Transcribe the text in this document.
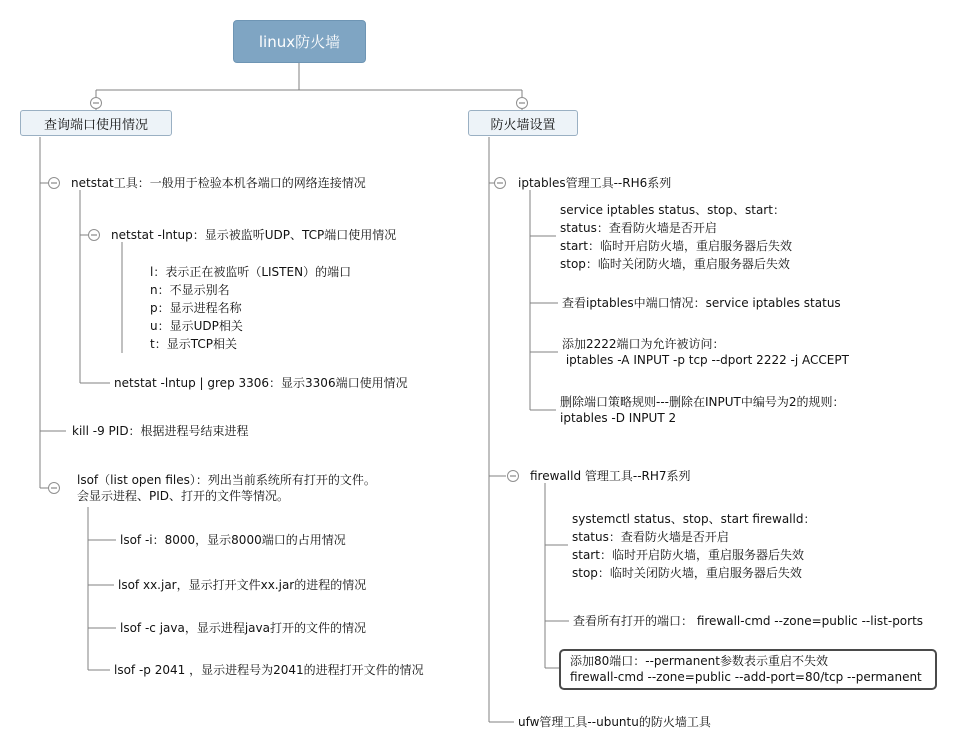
linux防火墙
查询端口使用情况	防火墙设置
netstat工具：一般用于检验本机各端口的网络连接情况
netstat -lntup：显示被监听UDP、TCP端口使用情况
l：表示正在被监听（LISTEN）的端口
n：不显示别名
p：显示进程名称
u：显示UDP相关
t：显示TCP相关
netstat -lntup | grep 3306：显示3306端口使用情况
kill -9 PID：根据进程号结束进程
lsof（list open files）：列出当前系统所有打开的文件。
会显示进程、PID、打开的文件等情况。
lsof -i：8000，显示8000端口的占用情况
lsof xx.jar，显示打开文件xx.jar的进程的情况
lsof -c java，显示进程java打开的文件的情况
lsof -p 2041 ，显示进程号为2041的进程打开文件的情况
iptables管理工具--RH6系列
service iptables status、stop、start：
status：查看防火墙是否开启
start：临时开启防火墙，重启服务器后失效
stop：临时关闭防火墙，重启服务器后失效
查看iptables中端口情况：service iptables status
添加2222端口为允许被访问：
iptables -A INPUT -p tcp --dport 2222 -j ACCEPT
删除端口策略规则---删除在INPUT中编号为2的规则：
iptables -D INPUT 2
firewalld 管理工具--RH7系列
systemctl status、stop、start firewalld：
status：查看防火墙是否开启
start：临时开启防火墙，重启服务器后失效
stop：临时关闭防火墙，重启服务器后失效
查看所有打开的端口： firewall-cmd --zone=public --list-ports
添加80端口：--permanent参数表示重启不失效
firewall-cmd --zone=public --add-port=80/tcp --permanent
ufw管理工具--ubuntu的防火墙工具
